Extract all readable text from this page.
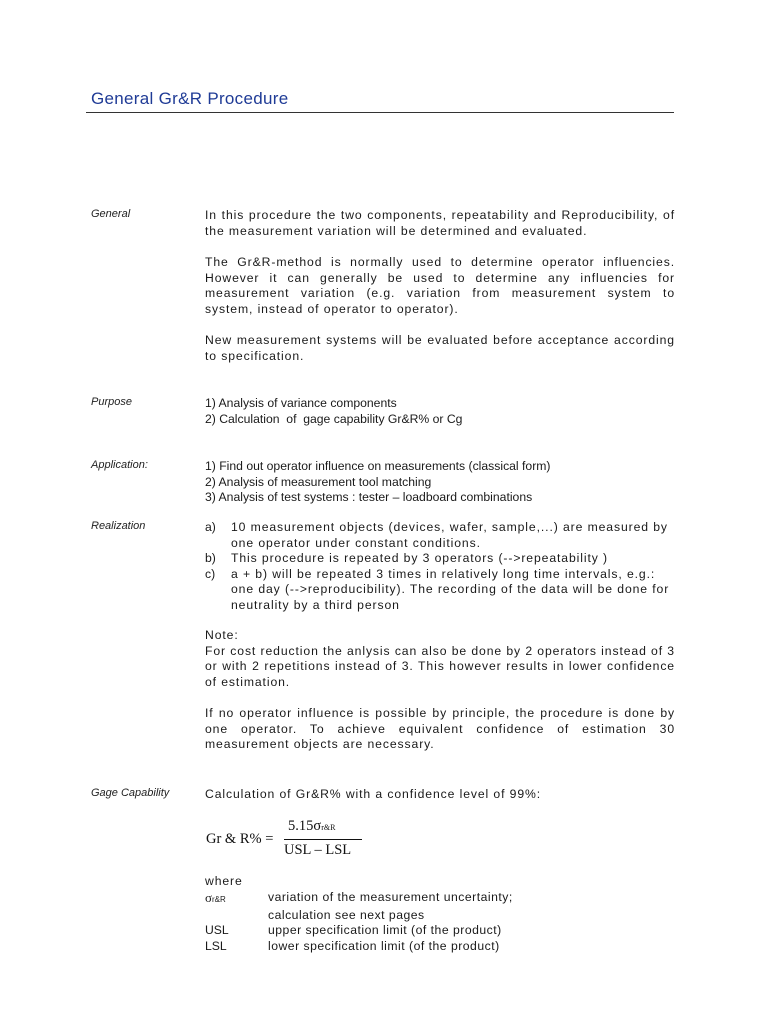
General Gr&R Procedure
General	In this procedure the two components, repeatability and Reproducibility, of the measurement variation will be determined and evaluated.

The Gr&R-method is normally used to determine operator influencies. However it can generally be used to determine any influencies for measurement variation (e.g. variation from measurement system to system, instead of operator to operator).

New measurement systems will be evaluated before acceptance according to specification.

Purpose	1) Analysis of variance components
2) Calculation  of  gage capability Gr&R% or Cg
Application:	1) Find out operator influence on measurements (classical form)
2) Analysis of measurement tool matching
3) Analysis of test systems : tester – loadboard combinations
Realization	a)	10 measurement objects (devices, wafer, sample,...) are measured by one operator under constant conditions.
b)	This procedure is repeated by 3 operators (-->repeatability )
c)	a + b) will be repeated 3 times in relatively long time intervals, e.g.: one day (-->reproducibility). The recording of the data will be done for neutrality by a third person

Note:

For cost reduction the anlysis can also be done by 2 operators instead of 3 or with 2 repetitions instead of 3. This however results in lower confidence of estimation.

If no operator influence is possible by principle, the procedure is done by one operator. To achieve equivalent confidence of estimation 30 measurement objects are necessary.

Gage Capability	Calculation of Gr&R% with a confidence level of 99%:
Gr & R% =
5.15σr&R
USL – LSL
where
σr&R	variation of the measurement uncertainty;
calculation see next pages
USL	upper specification limit (of the product)
LSL	lower specification limit (of the product)
